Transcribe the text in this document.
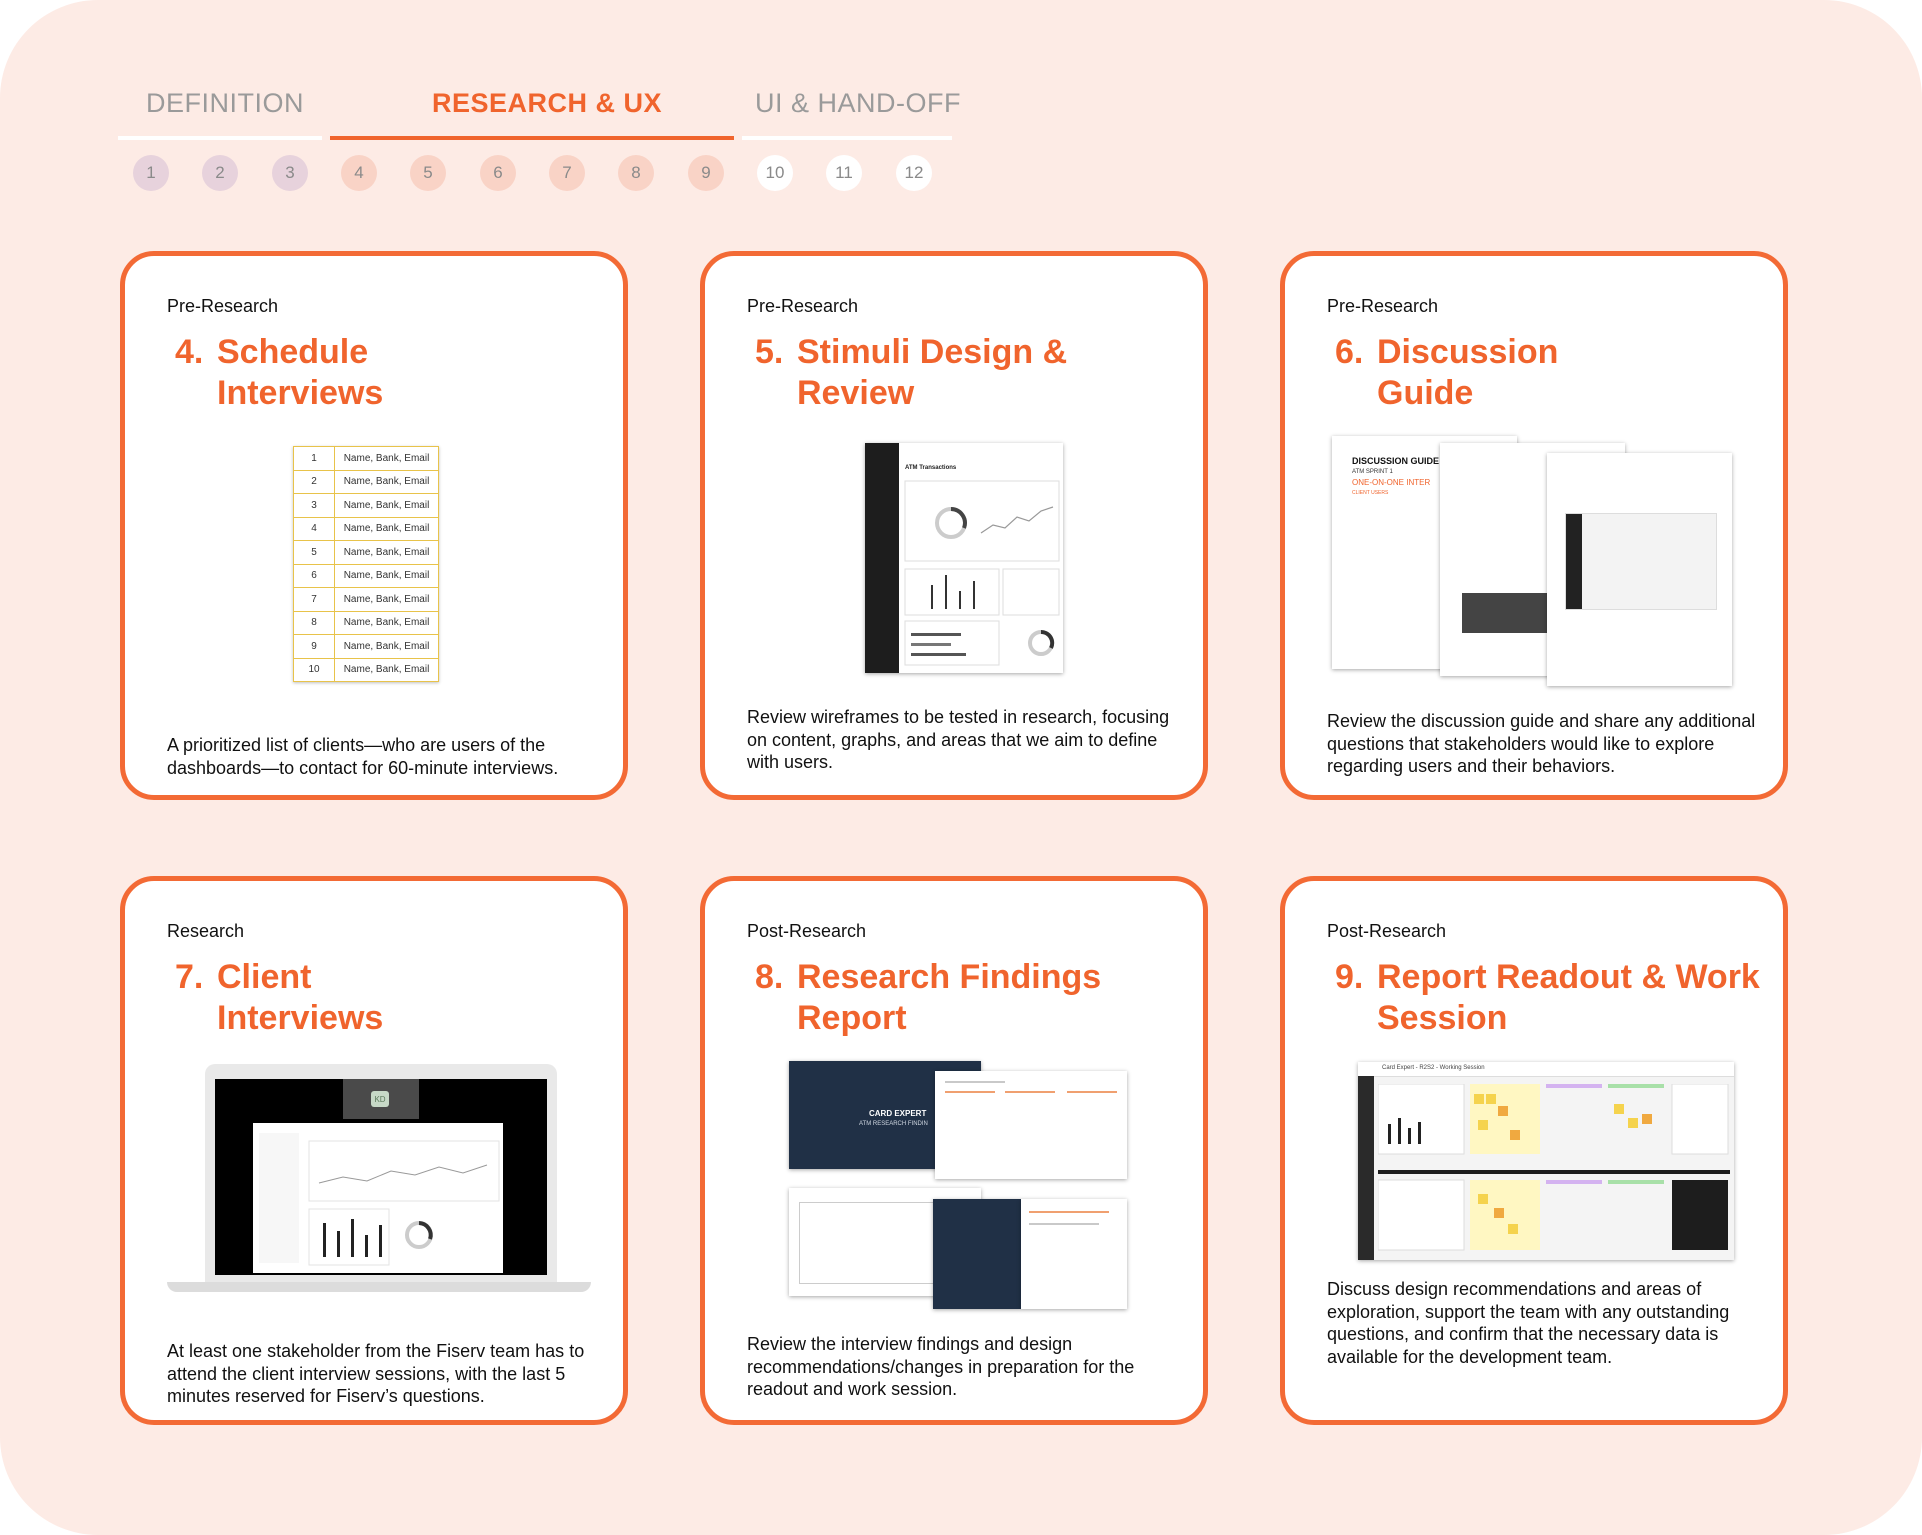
DEFINITION	RESEARCH & UX	UI & HAND-OFF
1	2	3	4	5	6	7	8	9	10	11	12
Pre-Research
4. Schedule
Interviews
1	Name, Bank, Email
2	Name, Bank, Email
3	Name, Bank, Email
4	Name, Bank, Email
5	Name, Bank, Email
6	Name, Bank, Email
7	Name, Bank, Email
8	Name, Bank, Email
9	Name, Bank, Email
10	Name, Bank, Email
A prioritized list of clients—who are users of the dashboards—to contact for 60-minute interviews.
Pre-Research
5. Stimuli Design &
Review
ATM Transactions
Review wireframes to be tested in research, focusing on content, graphs, and areas that we aim to define with users.
Pre-Research
6. Discussion
Guide
DISCUSSION GUIDE
ATM SPRINT 1
ONE-ON-ONE INTER
CLIENT USERS
Review the discussion guide and share any additional questions that stakeholders would like to explore regarding users and their behaviors.
Research
7. Client
Interviews
KD
At least one stakeholder from the Fiserv team has to attend the client interview sessions, with the last 5 minutes reserved for Fiserv’s questions.
Post-Research
8. Research Findings
Report
CARD EXPERT
ATM RESEARCH FINDIN
Review the interview findings and design recommendations/changes in preparation for the readout and work session.
Post-Research
9. Report Readout & Work
Session
Card Expert - R2S2 - Working Session
Discuss design recommendations and areas of exploration, support the team with any outstanding questions, and confirm that the necessary data is available for the development team.
